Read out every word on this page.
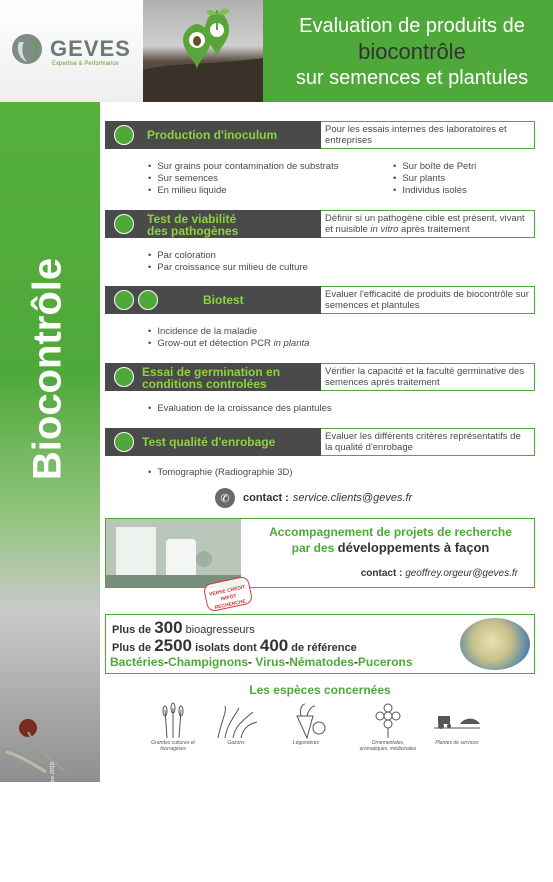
GEVES
Expertise & Performance
Evaluation de produits de
biocontrôle
sur semences et plantules
Biocontrôle
© GEVES - Crédit photos GEVES - octobre 2018
Production d'inoculum	Pour les essais internes des laboratoires et entreprises
• Sur grains pour contamination de substrats
• Sur semences
• En milieu liquide
• Sur boîte de Petri
• Sur plants
• Individus isolés
Test de viabilité
des pathogènes
Définir si un pathogène cible est présent, vivant et nuisible in vitro après traitement
• Par coloration
• Par croissance sur milieu de culture
Biotest	Evaluer l'efficacité de produits de biocontrôle sur semences et plantules
• Incidence de la maladie
• Grow-out et détection PCR in planta
Essai de germination en
conditions controlées
Vérifier la capacité et la faculté germinative des semences après traitement
• Evaluation de la croissance des plantules
Test qualité d'enrobage	Evaluer les différents critères représentatifs de la qualité d'enrobage
• Tomographie (Radiographie 3D)
✆	contact : service.clients@geves.fr
Accompagnement de projets de recherche
par des développements à façon
contact : geoffrey.orgeur@geves.fr
VERSE CRÉDIT IMPÔT RECHERCHE
Plus de 300 bioagresseurs
Plus de 2500 isolats dont 400 de référence
Bactéries-Champignons- Virus-Nématodes-Pucerons
Les espèces concernées
Grandes cultures et fourragères
Gazons	Légumières	Ornementales, aromatiques, médicinales
Plantes de services
